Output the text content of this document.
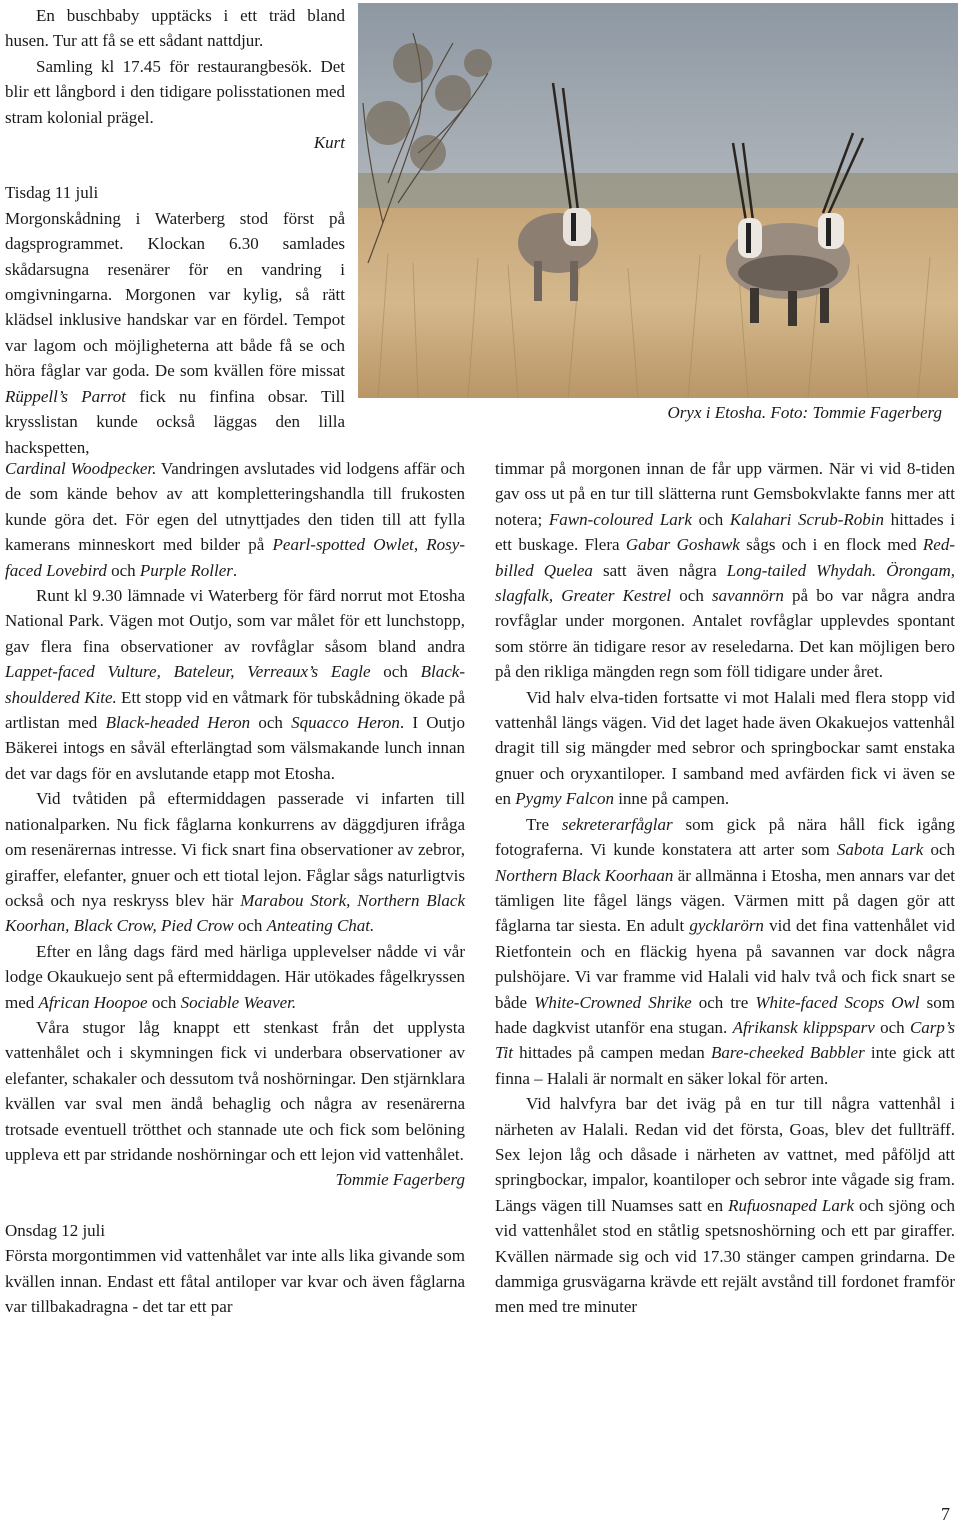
En buschbaby upptäcks i ett träd bland husen. Tur att få se ett sådant nattdjur.

Samling kl 17.45 för restaurangbesök. Det blir ett långbord i den tidigare polisstationen med stram kolonial prägel.

Kurt

Tisdag 11 juli

Morgonskådning i Waterberg stod först på dagsprogrammet. Klockan 6.30 samlades skådarsugna resenärer för en vandring i omgivningarna. Morgonen var kylig, så rätt klädsel inklusive handskar var en fördel. Tempot var lagom och möjligheterna att både få se och höra fåglar var goda. De som kvällen före missat Rüppell’s Parrot fick nu finfina obsar. Till krysslistan kunde också läggas den lilla hackspetten,

Oryx i Etosha. Foto: Tommie Fagerberg

Cardinal Woodpecker. Vandringen avslutades vid lodgens affär och de som kände behov av att kompletteringshandla till frukosten kunde göra det. För egen del utnyttjades den tiden till att fylla kamerans minneskort med bilder på Pearl-spotted Owlet, Rosy-faced Lovebird och Purple Roller.

Runt kl 9.30 lämnade vi Waterberg för färd norrut mot Etosha National Park. Vägen mot Outjo, som var målet för ett lunchstopp, gav flera fina observationer av rovfåglar såsom bland andra Lappet-faced Vulture, Bateleur, Verreaux’s Eagle och Black-shouldered Kite. Ett stopp vid en våtmark för tubskådning ökade på artlistan med Black-headed Heron och Squacco Heron. I Outjo Bäkerei intogs en såväl efterlängtad som välsmakande lunch innan det var dags för en avslutande etapp mot Etosha.

Vid tvåtiden på eftermiddagen passerade vi infarten till nationalparken. Nu fick fåglarna konkurrens av däggdjuren ifråga om resenärernas intresse. Vi fick snart fina observationer av zebror, giraffer, elefanter, gnuer och ett tiotal lejon. Fåglar sågs naturligtvis också och nya reskryss blev här Marabou Stork, Northern Black Koorhan, Black Crow, Pied Crow och Anteating Chat.

Efter en lång dags färd med härliga upplevelser nådde vi vår lodge Okaukuejo sent på eftermiddagen. Här utökades fågelkryssen med African Hoopoe och Sociable Weaver.

Våra stugor låg knappt ett stenkast från det upplysta vattenhålet och i skymningen fick vi underbara observationer av elefanter, schakaler och dessutom två noshörningar. Den stjärnklara kvällen var sval men ändå behaglig och några av resenärerna trotsade eventuell trötthet och stannade ute och fick som belöning uppleva ett par stridande noshörningar och ett lejon vid vattenhålet.

Tommie Fagerberg

Onsdag 12 juli

Första morgontimmen vid vattenhålet var inte alls lika givande som kvällen innan. Endast ett fåtal antiloper var kvar och även fåglarna var tillbakadragna - det tar ett par

timmar på morgonen innan de får upp värmen. När vi vid 8-tiden gav oss ut på en tur till slätterna runt Gemsbokvlakte fanns mer att notera; Fawn-coloured Lark och Kalahari Scrub-Robin hittades i ett buskage. Flera Gabar Goshawk sågs och i en flock med Red-billed Quelea satt även några Long-tailed Whydah. Örongam, slagfalk, Greater Kestrel och savannörn på bo var några andra rovfåglar under morgonen. Antalet rovfåglar upplevdes spontant som större än tidigare resor av reseledarna. Det kan möjligen bero på den rikliga mängden regn som föll tidigare under året.

Vid halv elva-tiden fortsatte vi mot Halali med flera stopp vid vattenhål längs vägen. Vid det laget hade även Okakuejos vattenhål dragit till sig mängder med sebror och springbockar samt enstaka gnuer och oryxantiloper. I samband med avfärden fick vi även se en Pygmy Falcon inne på campen.

Tre sekreterarfåglar som gick på nära håll fick igång fotograferna. Vi kunde konstatera att arter som Sabota Lark och Northern Black Koorhaan är allmänna i Etosha, men annars var det tämligen lite fågel längs vägen. Värmen mitt på dagen gör att fåglarna tar siesta. En adult gycklarörn vid det fina vattenhålet vid Rietfontein och en fläckig hyena på savannen var dock några pulshöjare. Vi var framme vid Halali vid halv två och fick snart se både White-Crowned Shrike och tre White-faced Scops Owl som hade dagkvist utanför ena stugan. Afrikansk klippsparv och Carp’s Tit hittades på campen medan Bare-cheeked Babbler inte gick att finna – Halali är normalt en säker lokal för arten.

Vid halvfyra bar det iväg på en tur till några vattenhål i närheten av Halali. Redan vid det första, Goas, blev det fullträff. Sex lejon låg och dåsade i närheten av vattnet, med påföljd att springbockar, impalor, koantiloper och sebror inte vågade sig fram. Längs vägen till Nuamses satt en Rufuosnaped Lark och sjöng och vid vattenhålet stod en ståtlig spetsnoshörning och ett par giraffer. Kvällen närmade sig och vid 17.30 stänger campen grindarna. De dammiga grusvägarna krävde ett rejält avstånd till fordonet framför men med tre minuter

7
